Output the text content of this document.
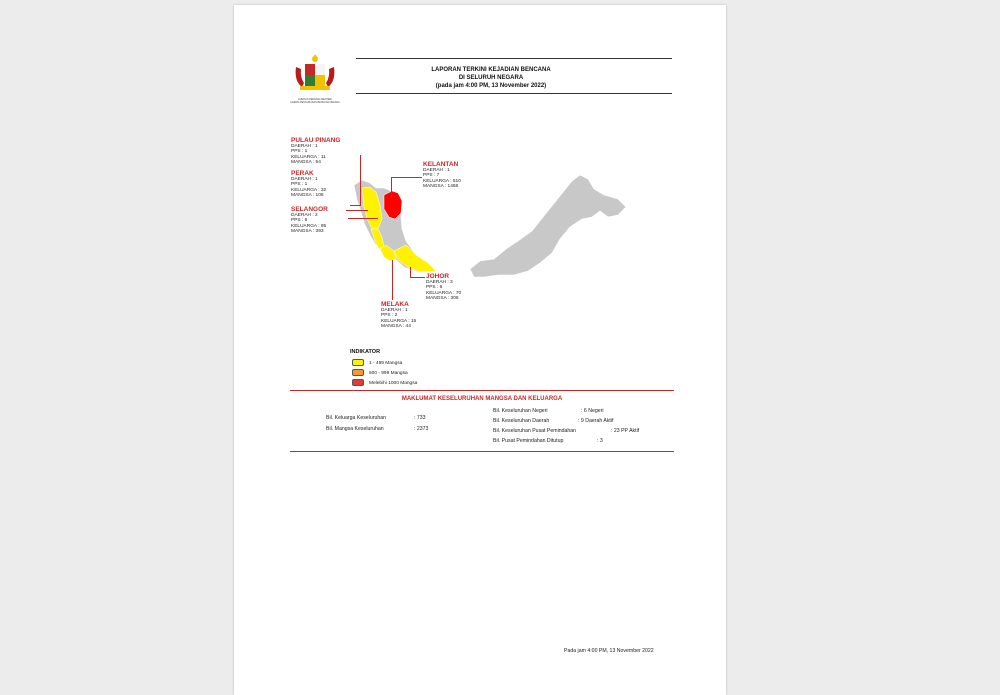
JABATAN PERDANA MENTERI
AGENSI PENGURUSAN BENCANA NEGARA
LAPORAN TERKINI KEJADIAN BENCANA
DI SELURUH NEGARA
(pada jam 4:00 PM, 13 November 2022)
PULAU PINANG
DAERAH : 1
PPS : 1
KELUARGA : 11
MANGSA : 54
PERAK
DAERAH : 1
PPS : 1
KELUARGA : 32
MANGSA : 106
SELANGOR
DAERAH : 2
PPS : 6
KELUARGA : 95
MANGSA : 393
KELANTAN
DAERAH : 1
PPS : 7
KELUARGA : 510
MANGSA : 1468
JOHOR
DAERAH : 3
PPS : 6
KELUARGA : 70
MANGSA : 306
MELAKA
DAERAH : 1
PPS : 2
KELUARGA : 15
MANGSA : 44
INDIKATOR
1 - 499 Mangsa
500 - 999 Mangsa
Melebihi 1000 Mangsa
MAKLUMAT KESELURUHAN MANGSA DAN KELUARGA
Bil. Keluarga Keseluruhan	: 733
Bil. Mangsa Keseluruhan	: 2373
Bil. Keseluruhan Negeri	: 6 Negeri
Bil. Keseluruhan Daerah	: 9 Daerah Aktif
Bil. Keseluruhan Pusat Pemindahan	: 23 PP Aktif
Bil. Pusat Pemindahan Ditutup	: 3
Pada jam 4:00 PM, 13 November 2022
